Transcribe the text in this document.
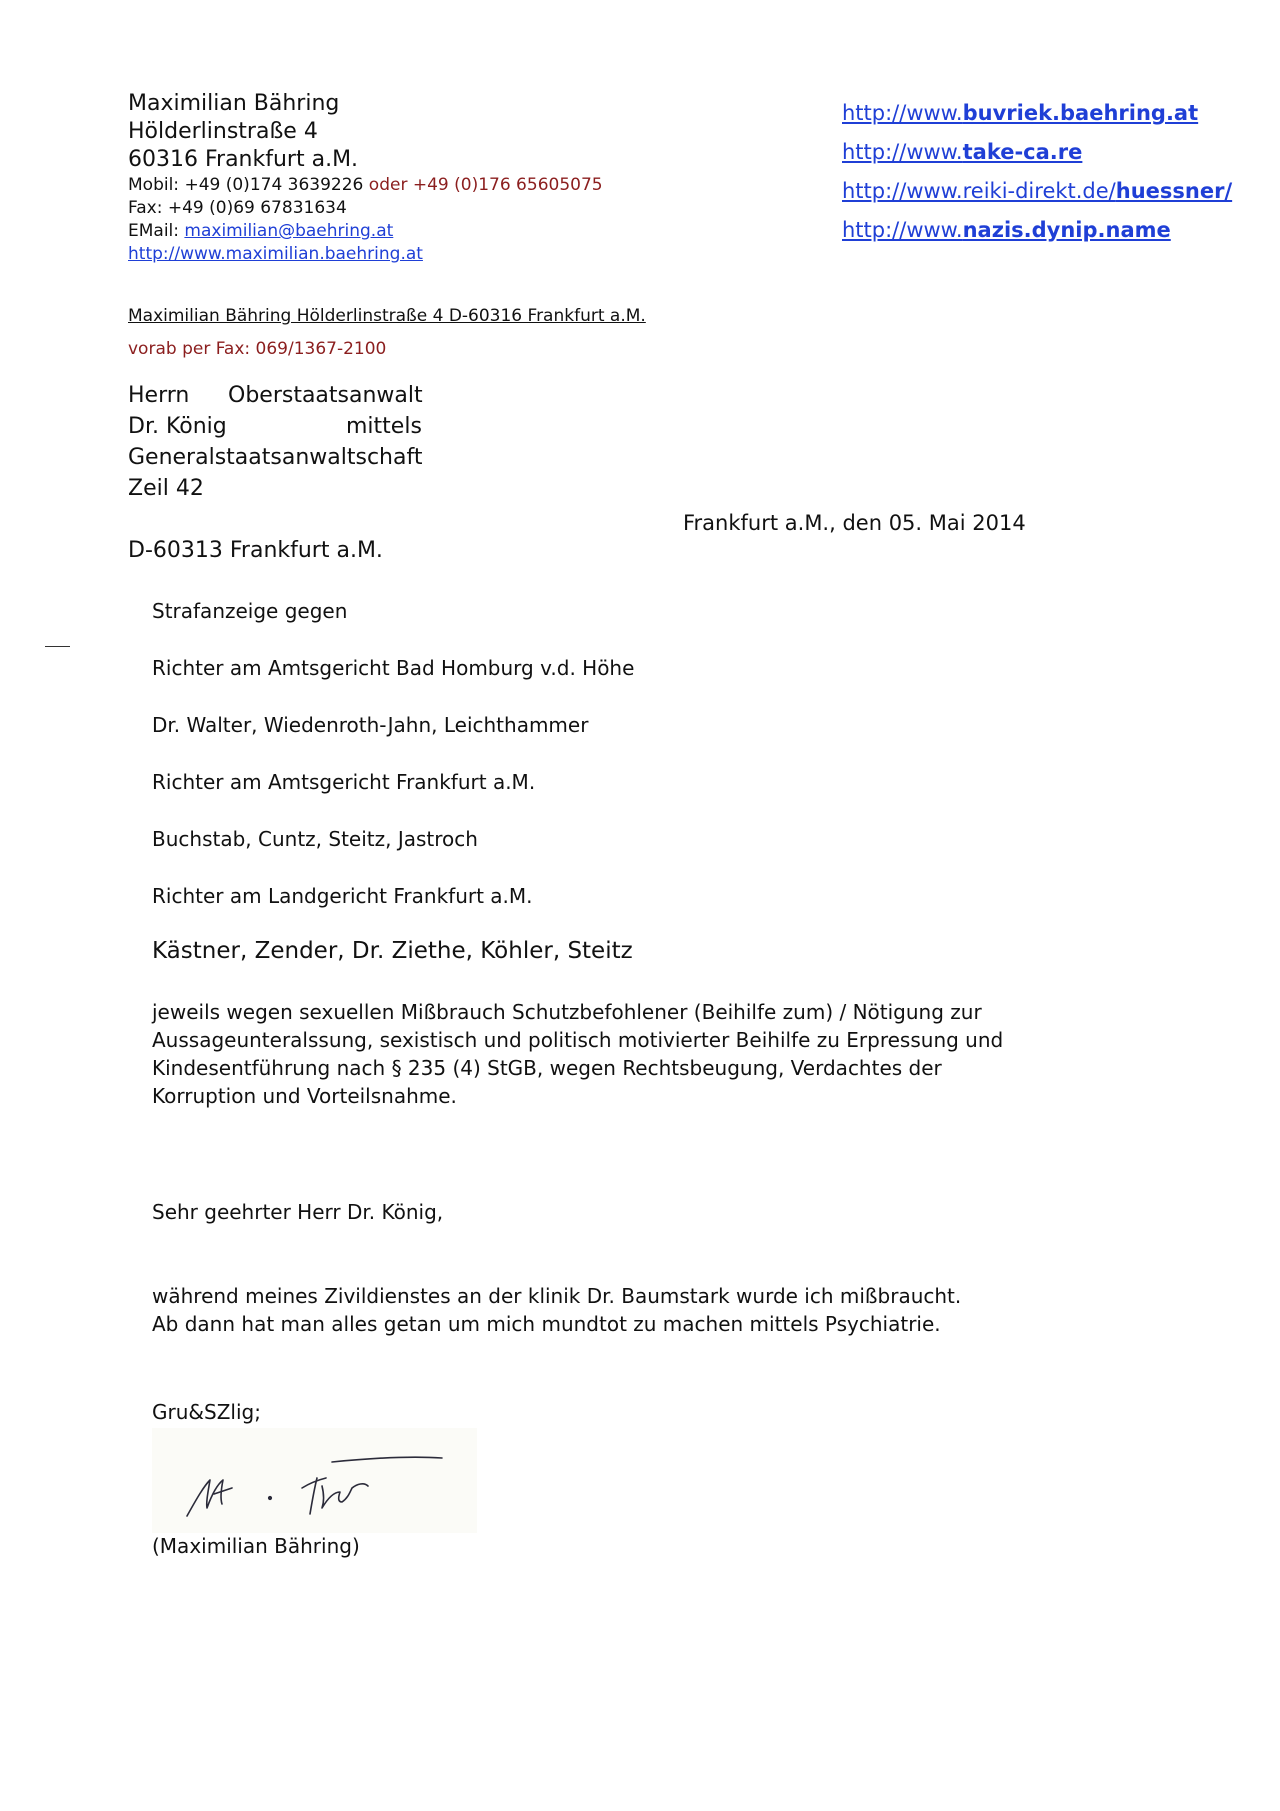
Maximilian Bähring
Hölderlinstraße 4
60316 Frankfurt a.M.
Mobil: +49 (0)174 3639226 oder +49 (0)176 65605075
Fax: +49 (0)69 67831634
EMail: maximilian@baehring.at
http://www.maximilian.baehring.at
http://www.buvriek.baehring.at
http://www.take-ca.re
http://www.reiki-direkt.de/huessner/
http://www.nazis.dynip.name
Maximilian Bähring Hölderlinstraße 4 D-60316 Frankfurt a.M.
vorab per Fax: 069/1367-2100
Herrn	Oberstaatsanwalt
Dr. König	mittels
Generalstaatsanwaltschaft
Zeil 42
Frankfurt a.M., den 05. Mai 2014
D-60313 Frankfurt a.M.
Strafanzeige gegen
Richter am Amtsgericht Bad Homburg v.d. Höhe
Dr. Walter, Wiedenroth-Jahn, Leichthammer
Richter am Amtsgericht Frankfurt a.M.
Buchstab, Cuntz, Steitz, Jastroch
Richter am Landgericht Frankfurt a.M.
Kästner, Zender, Dr. Ziethe, Köhler, Steitz
jeweils wegen sexuellen Mißbrauch Schutzbefohlener (Beihilfe zum) / Nötigung zur
Aussageunteralssung, sexistisch und politisch motivierter Beihilfe zu Erpressung und
Kindesentführung nach § 235 (4) StGB, wegen Rechtsbeugung, Verdachtes der
Korruption und Vorteilsnahme.
Sehr geehrter Herr Dr. König,
während meines Zivildienstes an der klinik Dr. Baumstark wurde ich mißbraucht.
Ab dann hat man alles getan um mich mundtot zu machen mittels Psychiatrie.
Gru&SZlig;
(Maximilian Bähring)
